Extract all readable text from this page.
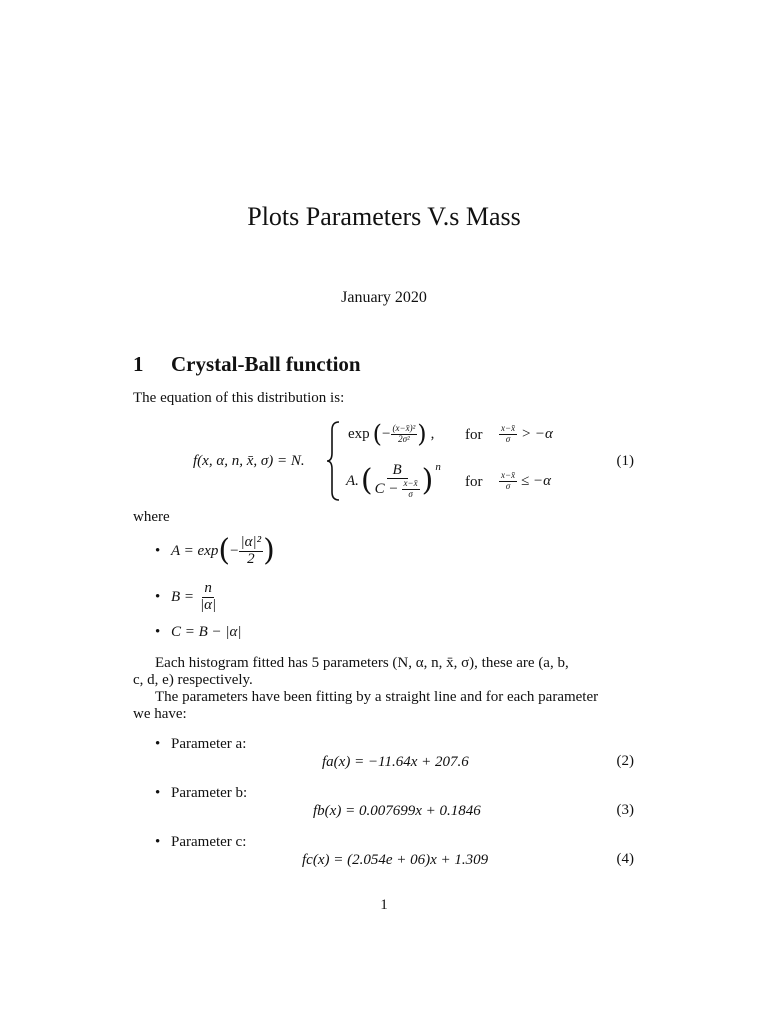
Plots Parameters V.s Mass
January 2020
1 Crystal-Ball function
The equation of this distribution is:
f(x, α, n, x̄, σ) = N.
exp ( − $\frac{\text{(x−x̄)²}}{\text{2σ²}}$ ) , for $\frac{x-x̄}{\sigma} > -\alpha$
A. ( $\frac{B}{C - \frac{x-x̄}{\sigma}}$ ) n
for $\frac{x-x̄}{\sigma} \le -\alpha$
(1)
where
• A = exp ( − $\frac{\text{|α|²}}{2}$ )
• $B = \frac{n}{|\alpha|}$
• C = B − |α|
Each histogram fitted has 5 parameters (N, α, n, x̄, σ), these are (a, b,
c, d, e) respectively.
The parameters have been fitting by a straight line and for each parameter
we have:
• Parameter a:
fa(x) = −11.64x + 207.6	(2)
• Parameter b:
fb(x) = 0.007699x + 0.1846	(3)
• Parameter c:
fc(x) = (2.054e + 06)x + 1.309	(4)
1
